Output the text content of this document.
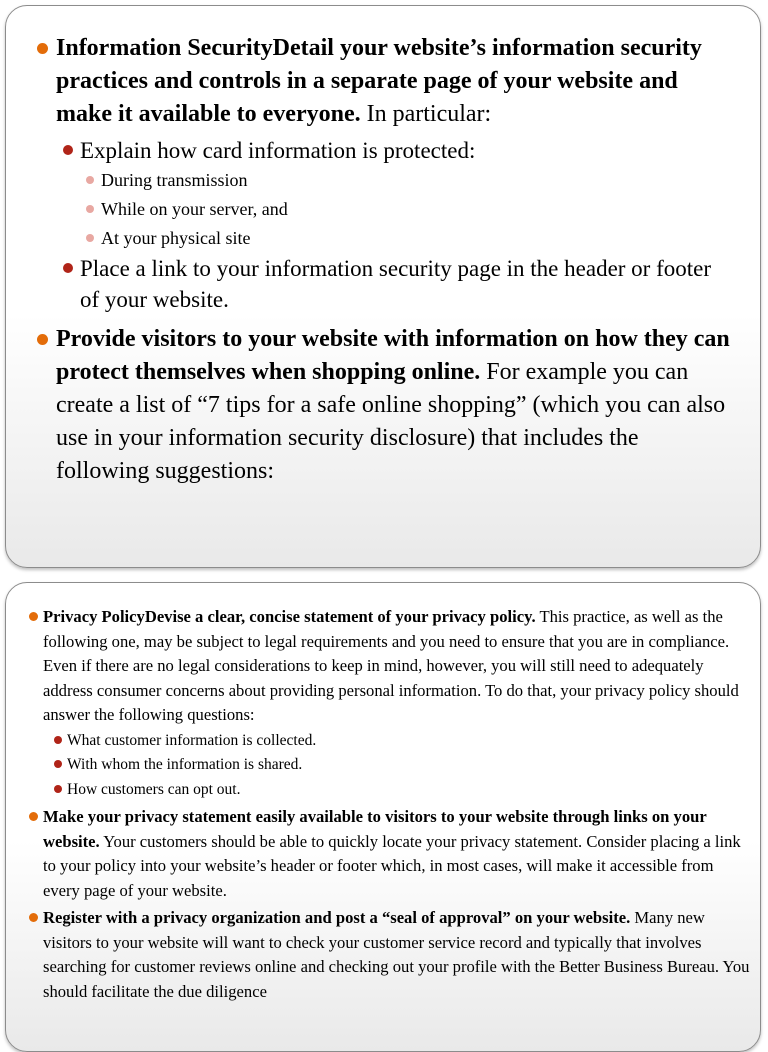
Information SecurityDetail your website’s information security practices and controls in a separate page of your website and make it available to everyone. In particular:
Explain how card information is protected:
During transmission
While on your server, and
At your physical site
Place a link to your information security page in the header or footer of your website.
Provide visitors to your website with information on how they can protect themselves when shopping online. For example you can create a list of “7 tips for a safe online shopping” (which you can also use in your information security disclosure) that includes the following suggestions:
Privacy PolicyDevise a clear, concise statement of your privacy policy. This practice, as well as the following one, may be subject to legal requirements and you need to ensure that you are in compliance. Even if there are no legal considerations to keep in mind, however, you will still need to adequately address consumer concerns about providing personal information. To do that, your privacy policy should answer the following questions:
What customer information is collected.
With whom the information is shared.
How customers can opt out.
Make your privacy statement easily available to visitors to your website through links on your website. Your customers should be able to quickly locate your privacy statement. Consider placing a link to your policy into your website’s header or footer which, in most cases, will make it accessible from every page of your website.
Register with a privacy organization and post a “seal of approval” on your website. Many new visitors to your website will want to check your customer service record and typically that involves searching for customer reviews online and checking out your profile with the Better Business Bureau. You should facilitate the due diligence
